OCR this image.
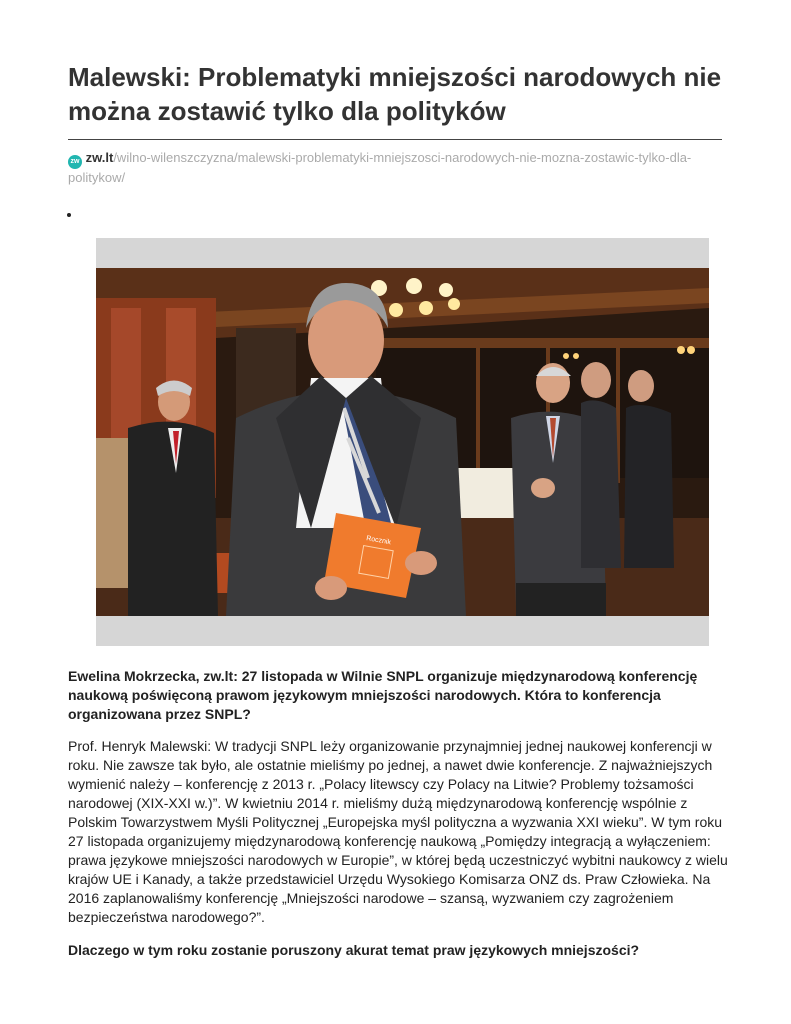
Malewski: Problematyki mniejszości narodowych nie
można zostawić tylko dla polityków
zw zw.lt/wilno-wilenszczyzna/malewski-problematyki-mniejszosci-narodowych-nie-mozna-zostawic-tylko-dla-politykow/
•
Rocznik
Ewelina Mokrzecka, zw.lt: 27 listopada w Wilnie SNPL organizuje międzynarodową konferencję naukową poświęconą prawom językowym mniejszości narodowych. Która to konferencja organizowana przez SNPL?
Prof. Henryk Malewski: W tradycji SNPL leży organizowanie przynajmniej jednej naukowej konferencji w roku. Nie zawsze tak było, ale ostatnie mieliśmy po jednej, a nawet dwie konferencje. Z najważniejszych wymienić należy – konferencję z 2013 r. „Polacy litewscy czy Polacy na Litwie? Problemy tożsamości narodowej (XIX-XXI w.)”. W kwietniu 2014 r. mieliśmy dużą międzynarodową konferencję wspólnie z Polskim Towarzystwem Myśli Politycznej „Europejska myśl polityczna a wyzwania XXI wieku”. W tym roku 27 listopada organizujemy międzynarodową konferencję naukową „Pomiędzy integracją a wyłączeniem: prawa językowe mniejszości narodowych w Europie”, w której będą uczestniczyć wybitni naukowcy z wielu krajów UE i Kanady, a także przedstawiciel Urzędu Wysokiego Komisarza ONZ ds. Praw Człowieka. Na 2016 zaplanowaliśmy konferencję „Mniejszości narodowe – szansą, wyzwaniem czy zagrożeniem bezpieczeństwa narodowego?”.
Dlaczego w tym roku zostanie poruszony akurat temat praw językowych mniejszości?
